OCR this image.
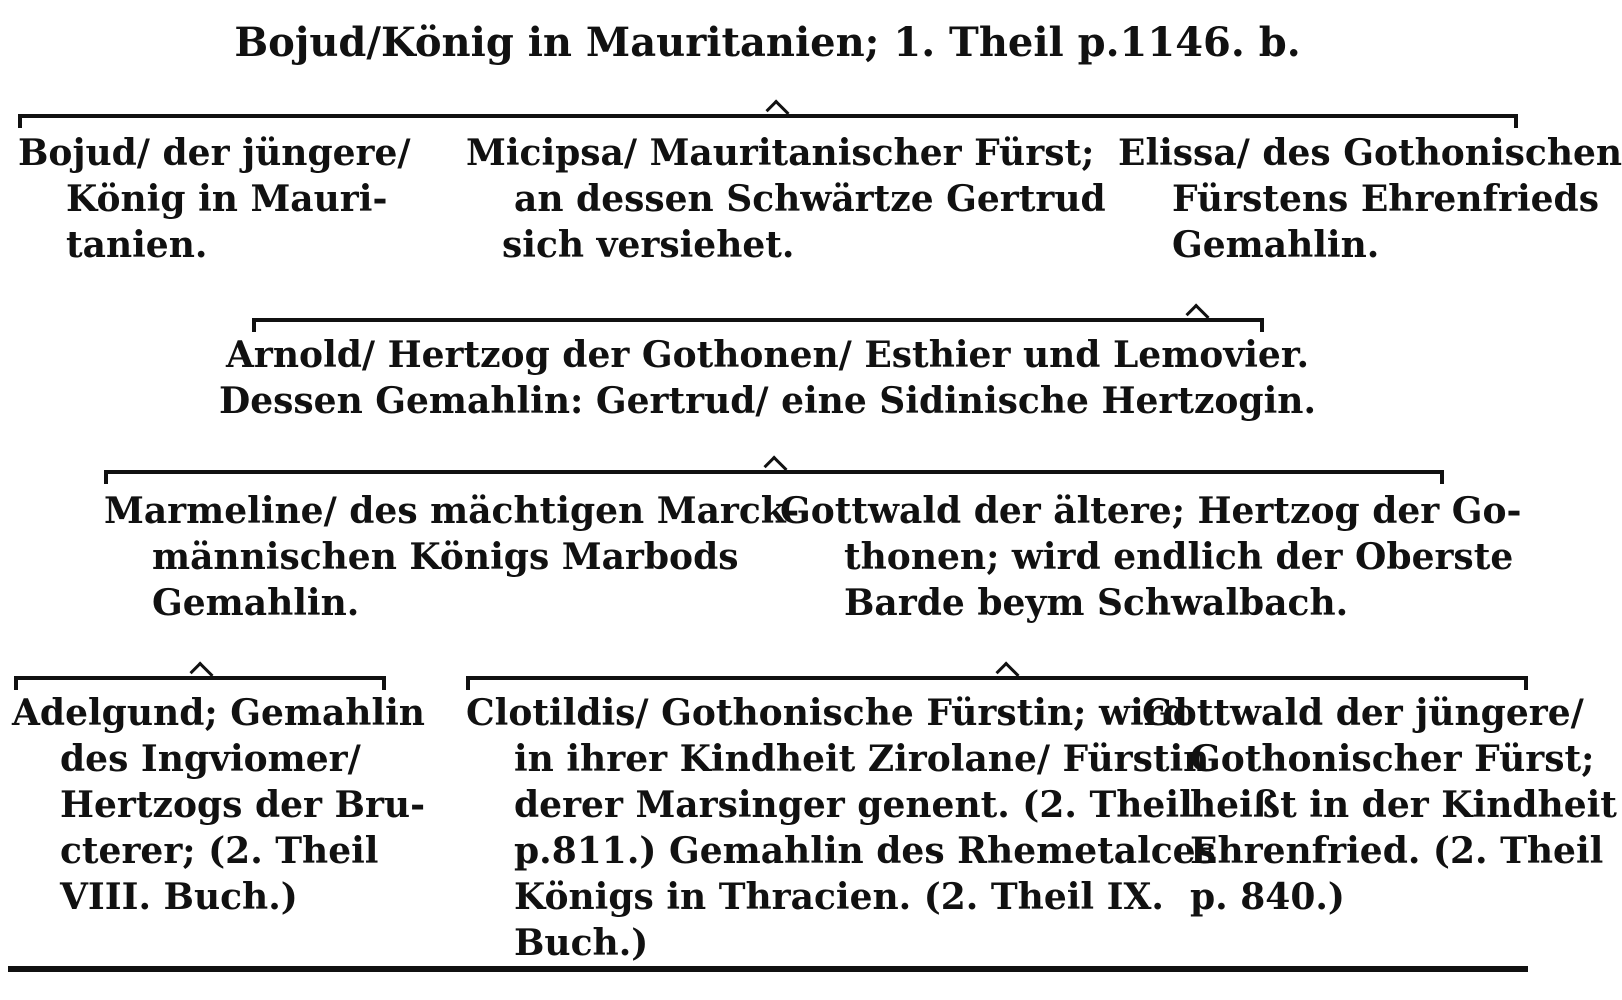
Bojud/König in Mauritanien; 1. Theil p.1146. b.
Bojud/ der jüngere/
König in Mauri-
tanien.
Micipsa/ Mauritanischer Fürst;
an dessen Schwärtze Gertrud
sich versiehet.
Elissa/ des Gothonischen
Fürstens Ehrenfrieds
Gemahlin.
Arnold/ Hertzog der Gothonen/ Esthier und Lemovier.
Dessen Gemahlin: Gertrud/ eine Sidinische Hertzogin.
Marmeline/ des mächtigen Marck-
männischen Königs Marbods
Gemahlin.
Gottwald der ältere; Hertzog der Go-
thonen; wird endlich der Oberste
Barde beym Schwalbach.
Adelgund; Gemahlin
des Ingviomer/
Hertzogs der Bru-
cterer; (2. Theil
VIII. Buch.)
Clotildis/ Gothonische Fürstin; wird
in ihrer Kindheit Zirolane/ Fürstin
derer Marsinger genent. (2. Theil
p.811.) Gemahlin des Rhemetalces
Königs in Thracien. (2. Theil IX.
Buch.)
Gottwald der jüngere/
Gothonischer Fürst;
heißt in der Kindheit
Ehrenfried. (2. Theil
p. 840.)
